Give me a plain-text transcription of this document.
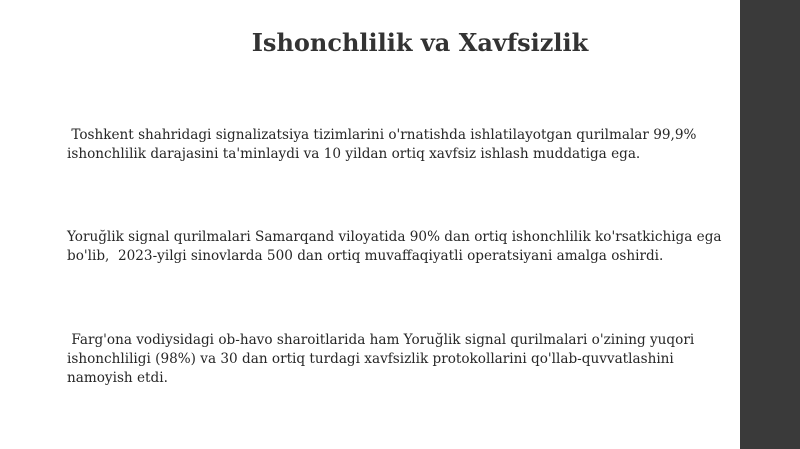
Ishonchlilik va Xavfsizlik

Toshkent shahridagi signalizatsiya tizimlarini o'rnatishda ishlatilayotgan qurilmalar 99,9%
ishonchlilik darajasini ta'minlaydi va 10 yildan ortiq xavfsiz ishlash muddatiga ega.

Yoruğlik signal qurilmalari Samarqand viloyatida 90% dan ortiq ishonchlilik ko'rsatkichiga ega
bo'lib,  2023-yilgi sinovlarda 500 dan ortiq muvaffaqiyatli operatsiyani amalga oshirdi.

Farg'ona vodiysidagi ob-havo sharoitlarida ham Yoruğlik signal qurilmalari o'zining yuqori
ishonchliligi (98%) va 30 dan ortiq turdagi xavfsizlik protokollarini qo'llab-quvvatlashini
namoyish etdi.
